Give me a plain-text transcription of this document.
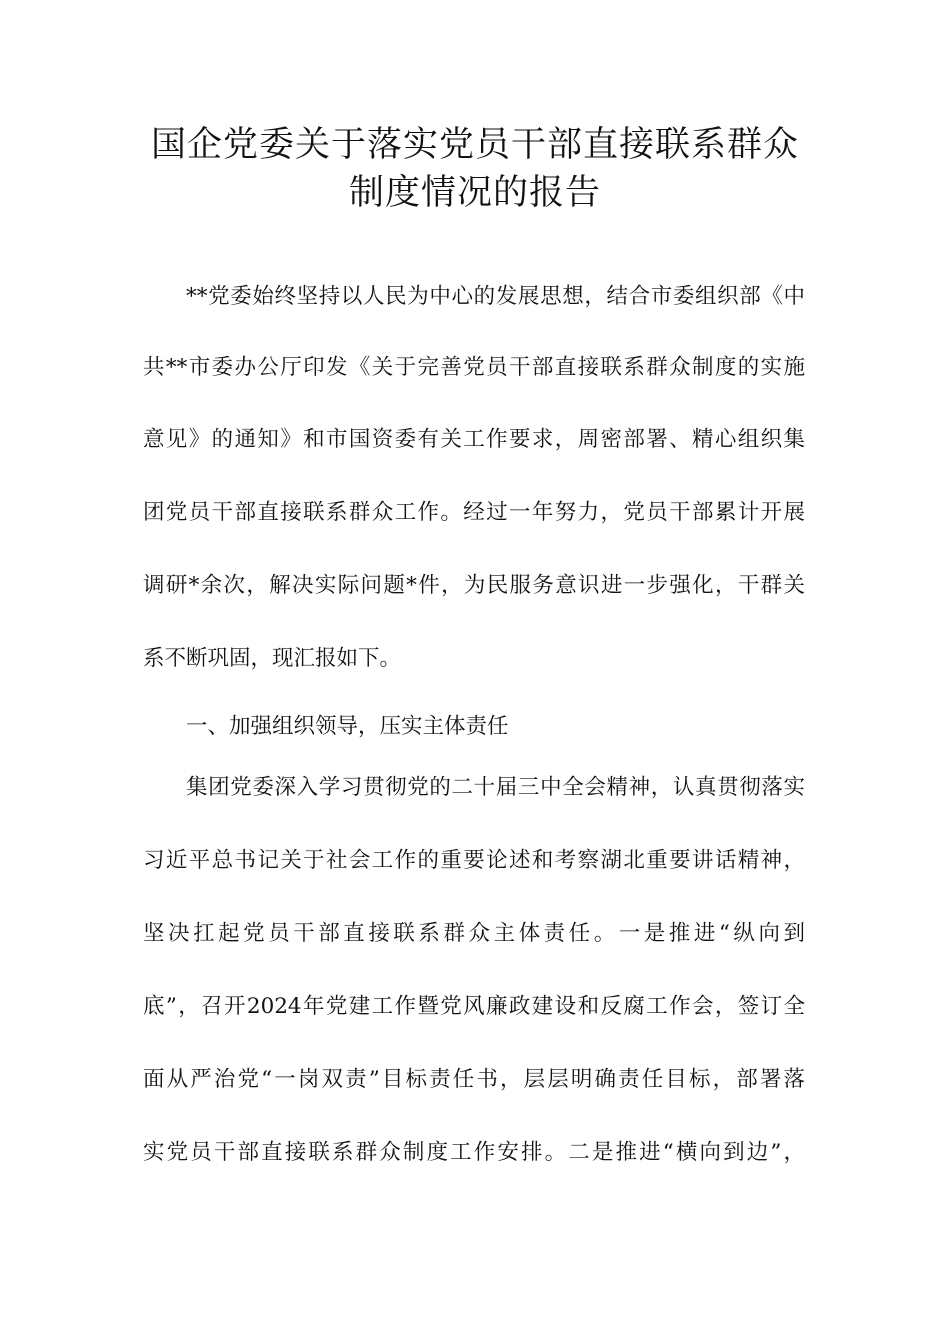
国企党委关于落实党员干部直接联系群众
制度情况的报告
**党委始终坚持以人民为中心的发展思想，结合市委组织部《中
共**市委办公厅印发《关于完善党员干部直接联系群众制度的实施
意见》的通知》和市国资委有关工作要求，周密部署、精心组织集
团党员干部直接联系群众工作。经过一年努力，党员干部累计开展
调研*余次，解决实际问题*件，为民服务意识进一步强化，干群关
系不断巩固，现汇报如下。
一、加强组织领导，压实主体责任
集团党委深入学习贯彻党的二十届三中全会精神，认真贯彻落实
习近平总书记关于社会工作的重要论述和考察湖北重要讲话精神，
坚决扛起党员干部直接联系群众主体责任。一是推进“纵向到
底”，召开2024年党建工作暨党风廉政建设和反腐工作会，签订全
面从严治党“一岗双责”目标责任书，层层明确责任目标，部署落
实党员干部直接联系群众制度工作安排。二是推进“横向到边”，
